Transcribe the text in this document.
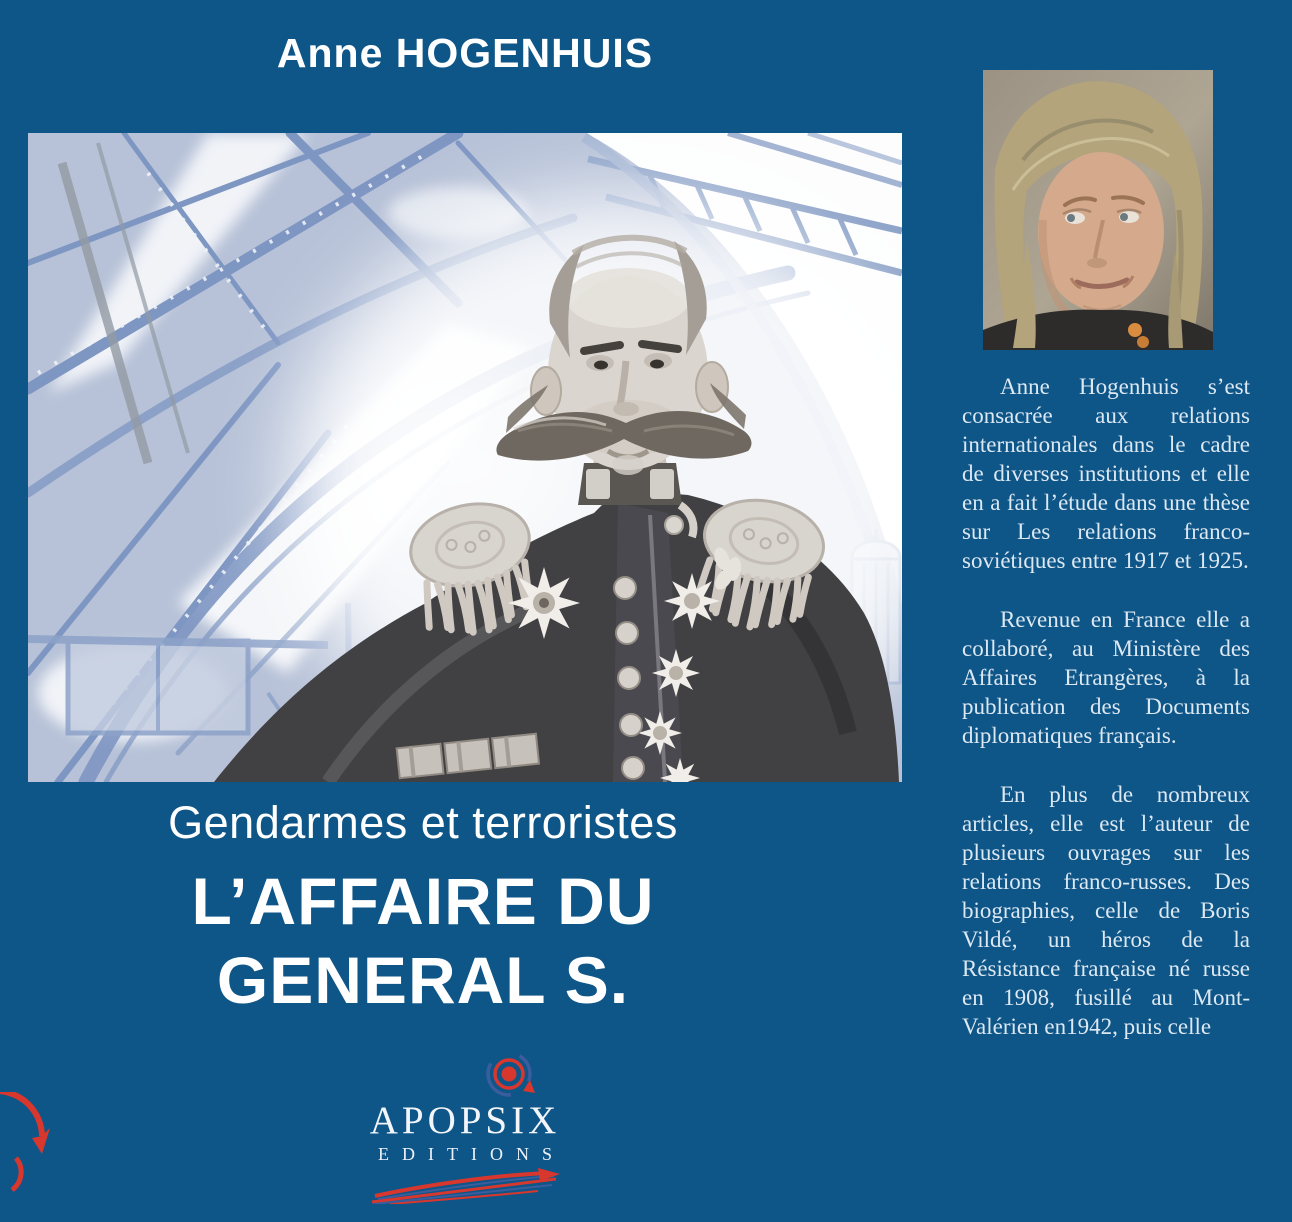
Anne HOGENHUIS
Gendarmes et terroristes
L’AFFAIRE DU
GENERAL S.
APOPSIX
EDITIONS

Anne Hogenhuis s’est consacrée aux relations internationales dans le cadre de diverses institutions et elle en a fait l’étude dans une thèse sur Les relations franco-soviétiques entre 1917 et 1925.

Revenue en France elle a collaboré, au Ministère des Affaires Etrangères, à la publication des Documents diplomatiques français.

En plus de nombreux articles, elle est l’auteur de plusieurs ouvrages sur les relations franco-russes. Des biographies, celle de Boris Vildé, un héros de la Résistance française né russe en 1908, fusillé au Mont-Valérien en1942, puis celle
